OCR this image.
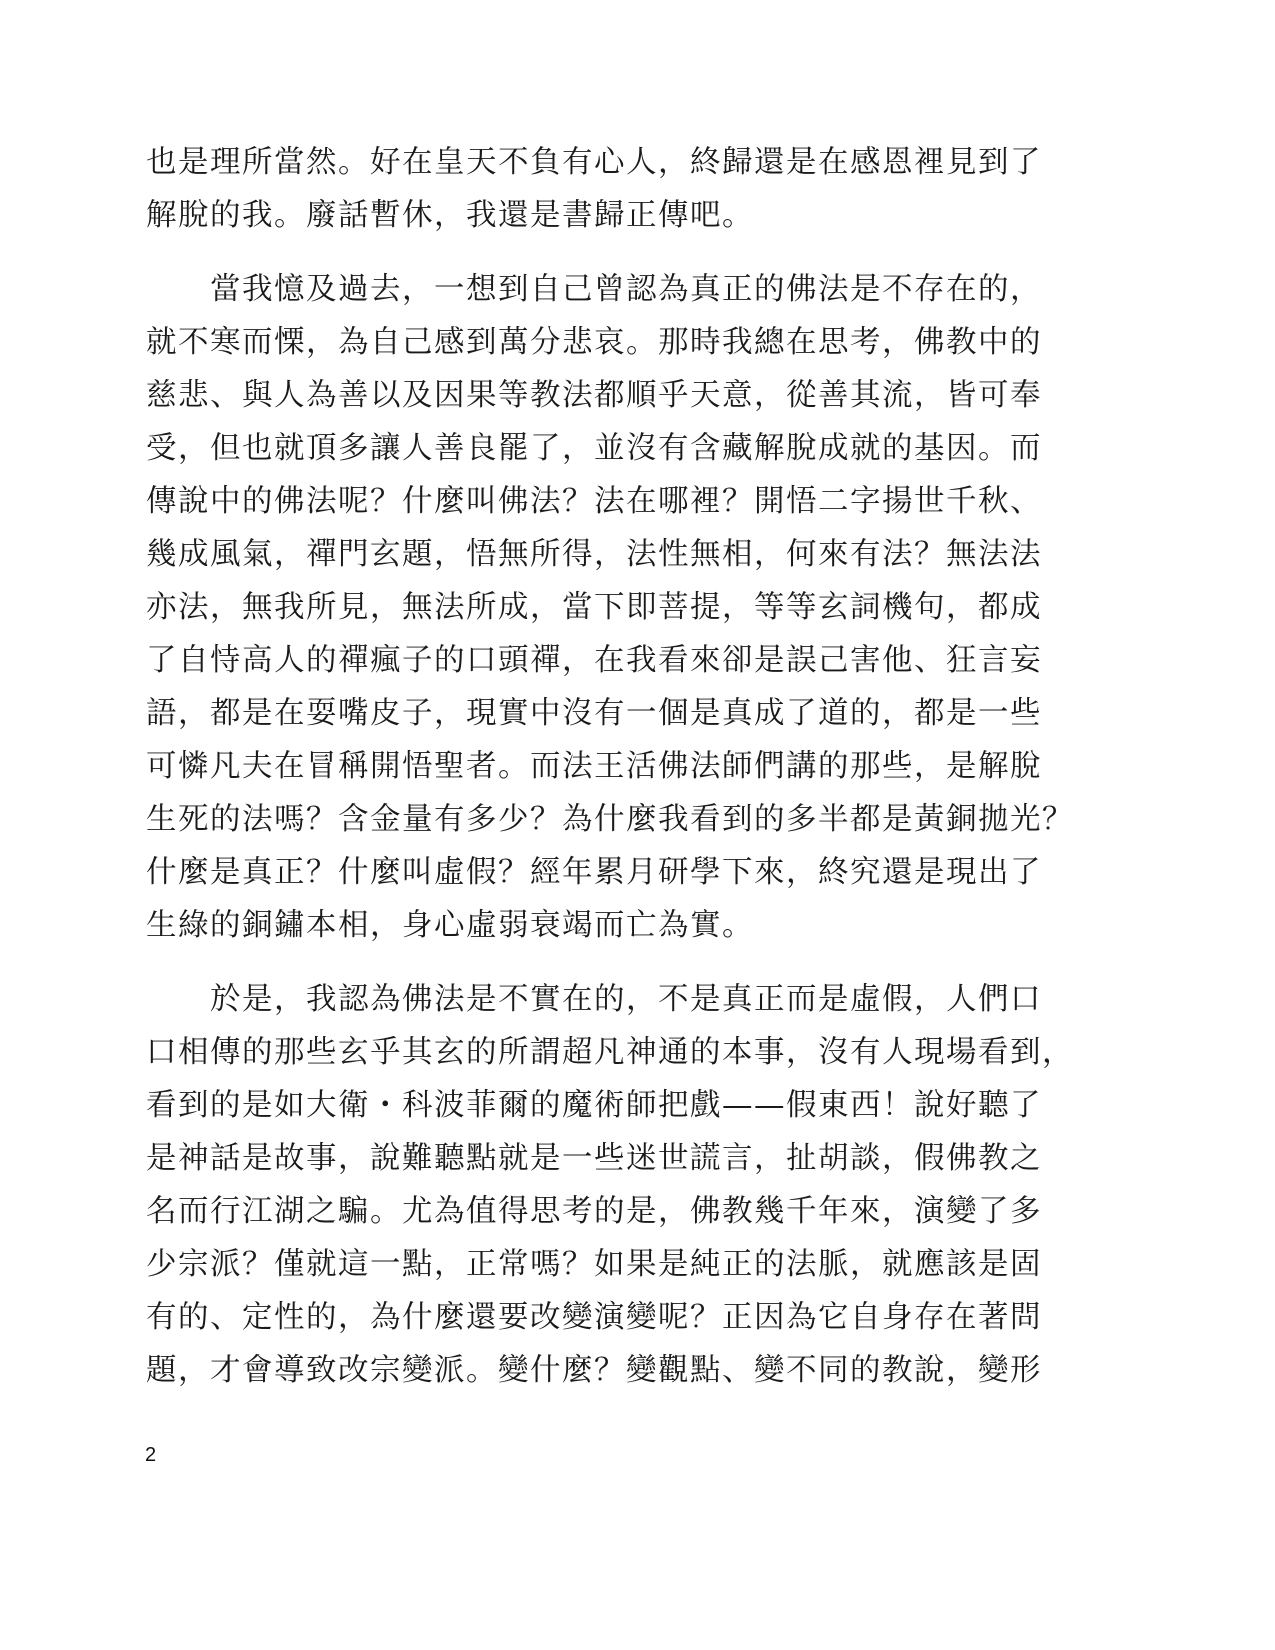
也是理所當然。好在皇天不負有心人，終歸還是在感恩裡見到了
解脫的我。廢話暫休，我還是書歸正傳吧。
　　當我憶及過去，一想到自己曾認為真正的佛法是不存在的，
就不寒而慄，為自己感到萬分悲哀。那時我總在思考，佛教中的
慈悲、與人為善以及因果等教法都順乎天意，從善其流，皆可奉
受，但也就頂多讓人善良罷了，並沒有含藏解脫成就的基因。而
傳說中的佛法呢？什麼叫佛法？法在哪裡？開悟二字揚世千秋、
幾成風氣，禪門玄題，悟無所得，法性無相，何來有法？無法法
亦法，無我所見，無法所成，當下即菩提，等等玄詞機句，都成
了自恃高人的禪瘋子的口頭禪，在我看來卻是誤己害他、狂言妄
語，都是在耍嘴皮子，現實中沒有一個是真成了道的，都是一些
可憐凡夫在冒稱開悟聖者。而法王活佛法師們講的那些，是解脫
生死的法嗎？含金量有多少？為什麼我看到的多半都是黃銅拋光？
什麼是真正？什麼叫虛假？經年累月研學下來，終究還是現出了
生綠的銅鏽本相，身心虛弱衰竭而亡為實。
　　於是，我認為佛法是不實在的，不是真正而是虛假，人們口
口相傳的那些玄乎其玄的所謂超凡神通的本事，沒有人現場看到，
看到的是如大衛・科波菲爾的魔術師把戲——假東西！說好聽了
是神話是故事，說難聽點就是一些迷世謊言，扯胡談，假佛教之
名而行江湖之騙。尤為值得思考的是，佛教幾千年來，演變了多
少宗派？僅就這一點，正常嗎？如果是純正的法脈，就應該是固
有的、定性的，為什麼還要改變演變呢？正因為它自身存在著問
題，才會導致改宗變派。變什麼？變觀點、變不同的教說，變形
2
